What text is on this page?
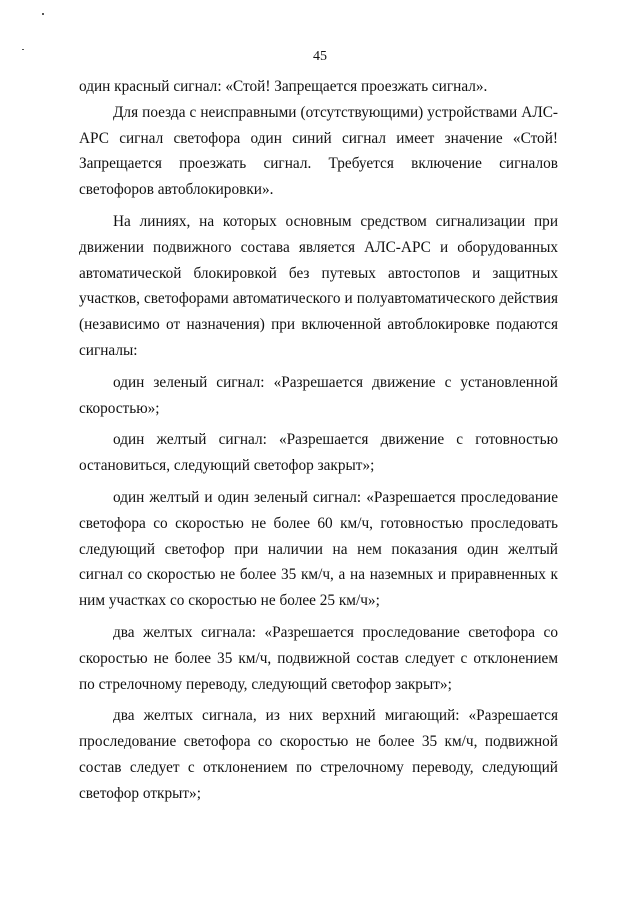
45

один красный сигнал: «Стой! Запрещается проезжать сигнал».

Для поезда с неисправными (отсутствующими) устройствами АЛС-АРС сигнал светофора один синий сигнал имеет значение «Стой! Запрещается проезжать сигнал. Требуется включение сигналов светофоров автоблокировки».

На линиях, на которых основным средством сигнализации при движении подвижного состава является АЛС-АРС и оборудованных автоматической блокировкой без путевых автостопов и защитных участков, светофорами автоматического и полуавтоматического действия (независимо от назначения) при включенной автоблокировке подаются сигналы:

один зеленый сигнал: «Разрешается движение с установленной скоростью»;

один желтый сигнал: «Разрешается движение с готовностью остановиться, следующий светофор закрыт»;

один желтый и один зеленый сигнал: «Разрешается проследование светофора со скоростью не более 60 км/ч, готовностью проследовать следующий светофор при наличии на нем показания один желтый сигнал со скоростью не более 35 км/ч, а на наземных и приравненных к ним участках со скоростью не более 25 км/ч»;

два желтых сигнала: «Разрешается проследование светофора со скоростью не более 35 км/ч, подвижной состав следует с отклонением по стрелочному переводу, следующий светофор закрыт»;

два желтых сигнала, из них верхний мигающий: «Разрешается проследование светофора со скоростью не более 35 км/ч, подвижной состав следует с отклонением по стрелочному переводу, следующий светофор открыт»;
